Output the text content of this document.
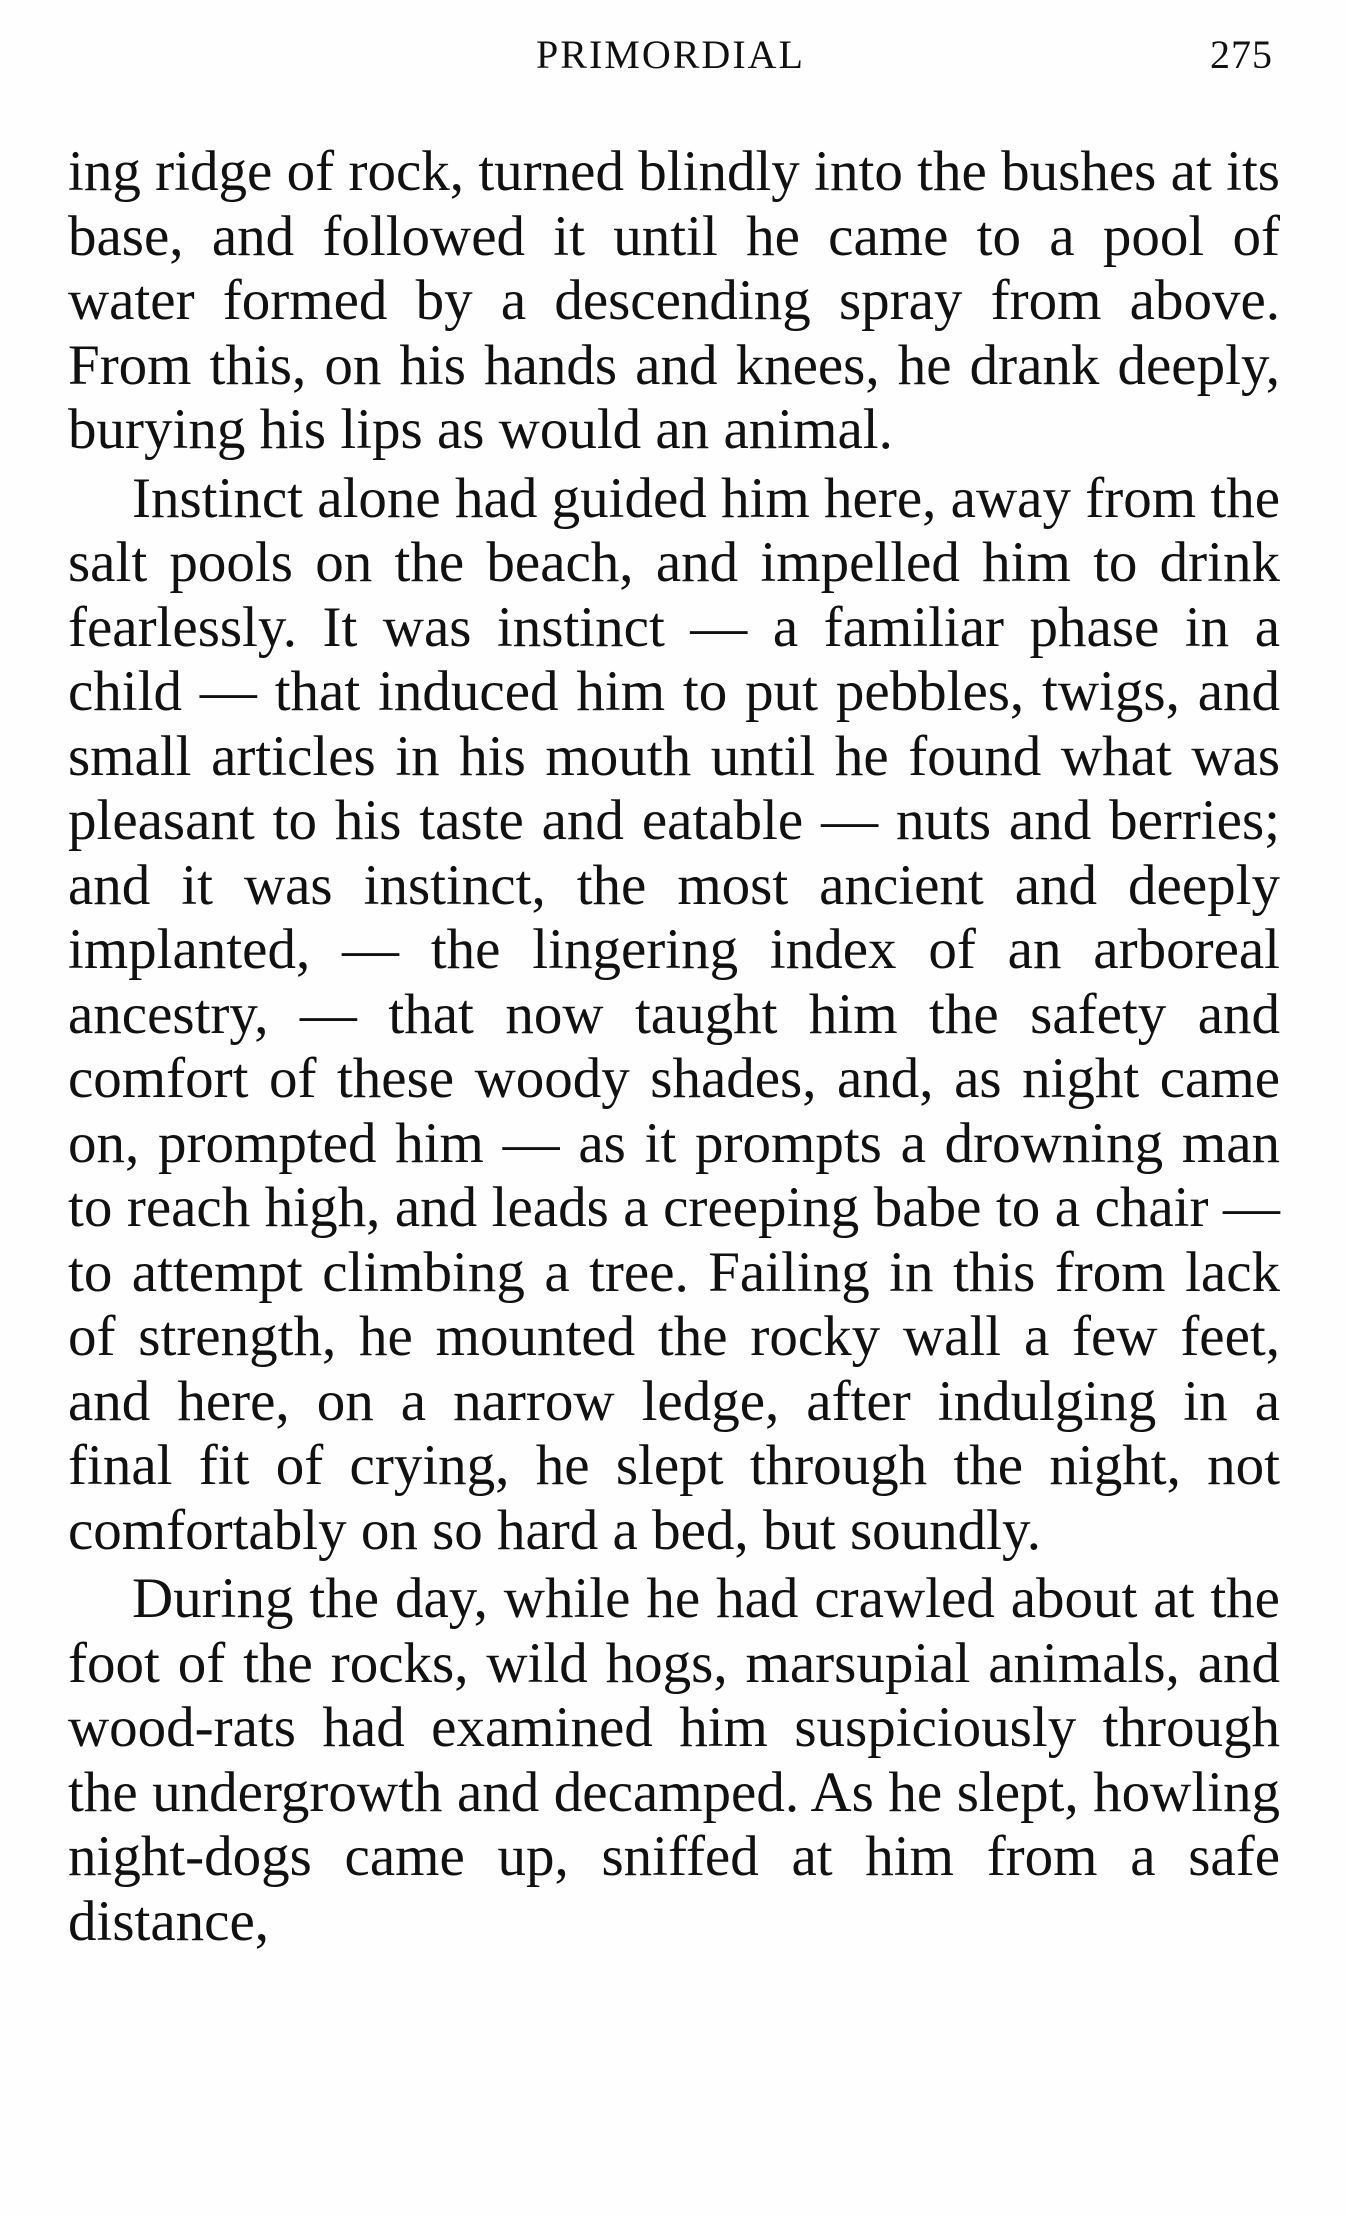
PRIMORDIAL	275

ing ridge of rock, turned blindly into the bushes at its base, and followed it until he came to a pool of water formed by a descending spray from above. From this, on his hands and knees, he drank deeply, burying his lips as would an animal.

Instinct alone had guided him here, away from the salt pools on the beach, and impelled him to drink fearlessly. It was instinct — a familiar phase in a child — that induced him to put pebbles, twigs, and small articles in his mouth until he found what was pleasant to his taste and eatable — nuts and berries; and it was instinct, the most ancient and deeply implanted, — the lingering index of an arboreal ancestry, — that now taught him the safety and comfort of these woody shades, and, as night came on, prompted him — as it prompts a drowning man to reach high, and leads a creeping babe to a chair — to attempt climbing a tree. Failing in this from lack of strength, he mounted the rocky wall a few feet, and here, on a narrow ledge, after indulging in a final fit of crying, he slept through the night, not comfortably on so hard a bed, but soundly.

During the day, while he had crawled about at the foot of the rocks, wild hogs, marsupial animals, and wood-rats had examined him suspiciously through the undergrowth and decamped. As he slept, howling night-dogs came up, sniffed at him from a safe distance,
